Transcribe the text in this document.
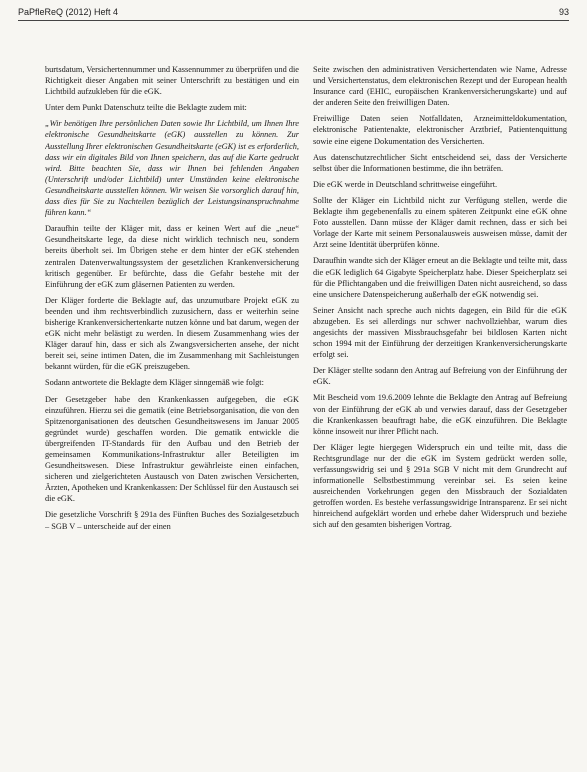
PaPfleReQ (2012) Heft 4	93

burtsdatum, Versichertennummer und Kassennummer zu überprüfen und die Richtigkeit dieser Angaben mit seiner Unterschrift zu bestätigen und ein Lichtbild aufzukleben für die eGK.

Unter dem Punkt Datenschutz teilte die Beklagte zudem mit:

„Wir benötigen Ihre persönlichen Daten sowie Ihr Lichtbild, um Ihnen Ihre elektronische Gesundheitskarte (eGK) ausstellen zu können. Zur Ausstellung Ihrer elektronischen Gesundheitskarte (eGK) ist es erforderlich, dass wir ein digitales Bild von Ihnen speichern, das auf die Karte gedruckt wird. Bitte beachten Sie, dass wir Ihnen bei fehlenden Angaben (Unterschrift und/oder Lichtbild) unter Umständen keine elektronische Gesundheitskarte ausstellen können. Wir weisen Sie vorsorglich darauf hin, dass dies für Sie zu Nachteilen bezüglich der Leistungsinanspruchnahme führen kann.“

Daraufhin teilte der Kläger mit, dass er keinen Wert auf die „neue“ Gesundheitskarte lege, da diese nicht wirklich technisch neu, sondern bereits überholt sei. Im Übrigen stehe er dem hinter der eGK stehenden zentralen Datenverwaltungssystem der gesetzlichen Krankenversicherung kritisch gegenüber. Er befürchte, dass die Gefahr bestehe mit der Einführung der eGK zum gläsernen Patienten zu werden.

Der Kläger forderte die Beklagte auf, das unzumutbare Projekt eGK zu beenden und ihm rechtsverbindlich zuzusichern, dass er weiterhin seine bisherige Krankenversichertenkarte nutzen könne und bat darum, wegen der eGK nicht mehr belästigt zu werden. In diesem Zusammenhang wies der Kläger darauf hin, dass er sich als Zwangsversicherten ansehe, der nicht bereit sei, seine intimen Daten, die im Zusammenhang mit Sachleistungen bekannt würden, für die eGK preiszugeben.

Sodann antwortete die Beklagte dem Kläger sinngemäß wie folgt:

Der Gesetzgeber habe den Krankenkassen aufgegeben, die eGK einzuführen. Hierzu sei die gematik (eine Betriebsorganisation, die von den Spitzenorganisationen des deutschen Gesundheitswesens im Januar 2005 gegründet wurde) geschaffen worden. Die gematik entwickle die übergreifenden IT-Standards für den Aufbau und den Betrieb der gemeinsamen Kommunikations-Infrastruktur aller Beteiligten im Gesundheitswesen. Diese Infrastruktur gewährleiste einen einfachen, sicheren und zielgerichteten Austausch von Daten zwischen Versicherten, Ärzten, Apotheken und Krankenkassen: Der Schlüssel für den Austausch sei die eGK.

Die gesetzliche Vorschrift § 291a des Fünften Buches des Sozialgesetzbuch – SGB V – unterscheide auf der einen

Seite zwischen den administrativen Versichertendaten wie Name, Adresse und Versichertenstatus, dem elektronischen Rezept und der European health Insurance card (EHIC, europäischen Krankenversicherungskarte) und auf der anderen Seite den freiwilligen Daten.

Freiwillige Daten seien Notfalldaten, Arzneimitteldokumentation, elektronische Patientenakte, elektronischer Arztbrief, Patientenquittung sowie eine eigene Dokumentation des Versicherten.

Aus datenschutzrechtlicher Sicht entscheidend sei, dass der Versicherte selbst über die Informationen bestimme, die ihn beträfen.

Die eGK werde in Deutschland schrittweise eingeführt.

Sollte der Kläger ein Lichtbild nicht zur Verfügung stellen, werde die Beklagte ihm gegebenenfalls zu einem späteren Zeitpunkt eine eGK ohne Foto ausstellen. Dann müsse der Kläger damit rechnen, dass er sich bei Vorlage der Karte mit seinem Personalausweis ausweisen müsse, damit der Arzt seine Identität überprüfen könne.

Daraufhin wandte sich der Kläger erneut an die Beklagte und teilte mit, dass die eGK lediglich 64 Gigabyte Speicherplatz habe. Dieser Speicherplatz sei für die Pflichtangaben und die freiwilligen Daten nicht ausreichend, so dass eine unsichere Datenspeicherung außerhalb der eGK notwendig sei.

Seiner Ansicht nach spreche auch nichts dagegen, ein Bild für die eGK abzugeben. Es sei allerdings nur schwer nachvollziehbar, warum dies angesichts der massiven Missbrauchsgefahr bei bildlosen Karten nicht schon 1994 mit der Einführung der derzeitigen Krankenversicherungskarte erfolgt sei.

Der Kläger stellte sodann den Antrag auf Befreiung von der Einführung der eGK.

Mit Bescheid vom 19.6.2009 lehnte die Beklagte den Antrag auf Befreiung von der Einführung der eGK ab und verwies darauf, dass der Gesetzgeber die Krankenkassen beauftragt habe, die eGK einzuführen. Die Beklagte könne insoweit nur ihrer Pflicht nach.

Der Kläger legte hiergegen Widerspruch ein und teilte mit, dass die Rechtsgrundlage nur der die eGK im System gedrückt werden solle, verfassungswidrig sei und § 291a SGB V nicht mit dem Grundrecht auf informationelle Selbstbestimmung vereinbar sei. Es seien keine ausreichenden Vorkehrungen gegen den Missbrauch der Sozialdaten getroffen worden. Es bestehe verfassungswidrige Intransparenz. Er sei nicht hinreichend aufgeklärt worden und erhebe daher Widerspruch und beziehe sich auf den gesamten bisherigen Vortrag.
